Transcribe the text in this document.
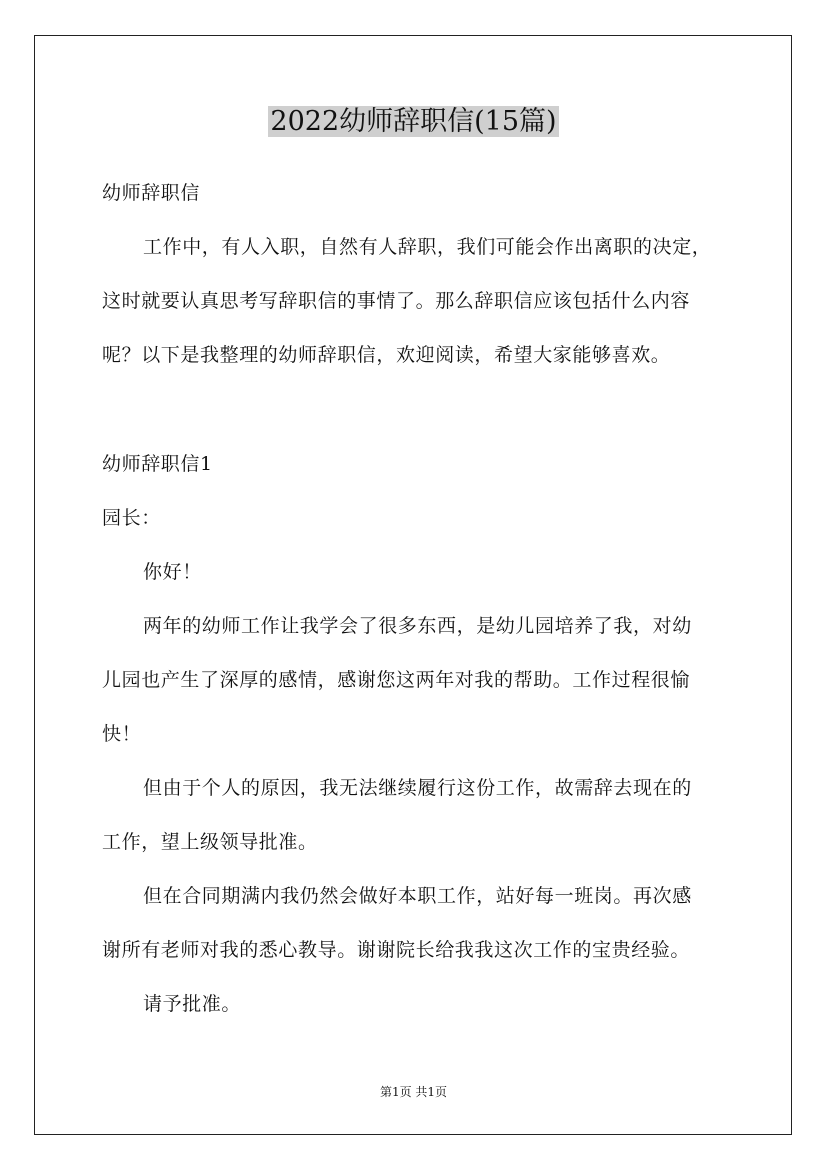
2022幼师辞职信(15篇)
幼师辞职信
工作中，有人入职，自然有人辞职，我们可能会作出离职的决定，
这时就要认真思考写辞职信的事情了。那么辞职信应该包括什么内容
呢？以下是我整理的幼师辞职信，欢迎阅读，希望大家能够喜欢。
幼师辞职信1
园长：
你好！
两年的幼师工作让我学会了很多东西，是幼儿园培养了我，对幼
儿园也产生了深厚的感情，感谢您这两年对我的帮助。工作过程很愉
快！
但由于个人的原因，我无法继续履行这份工作，故需辞去现在的
工作，望上级领导批准。
但在合同期满内我仍然会做好本职工作，站好每一班岗。再次感
谢所有老师对我的悉心教导。谢谢院长给我我这次工作的宝贵经验。
请予批准。
第1页 共1页
